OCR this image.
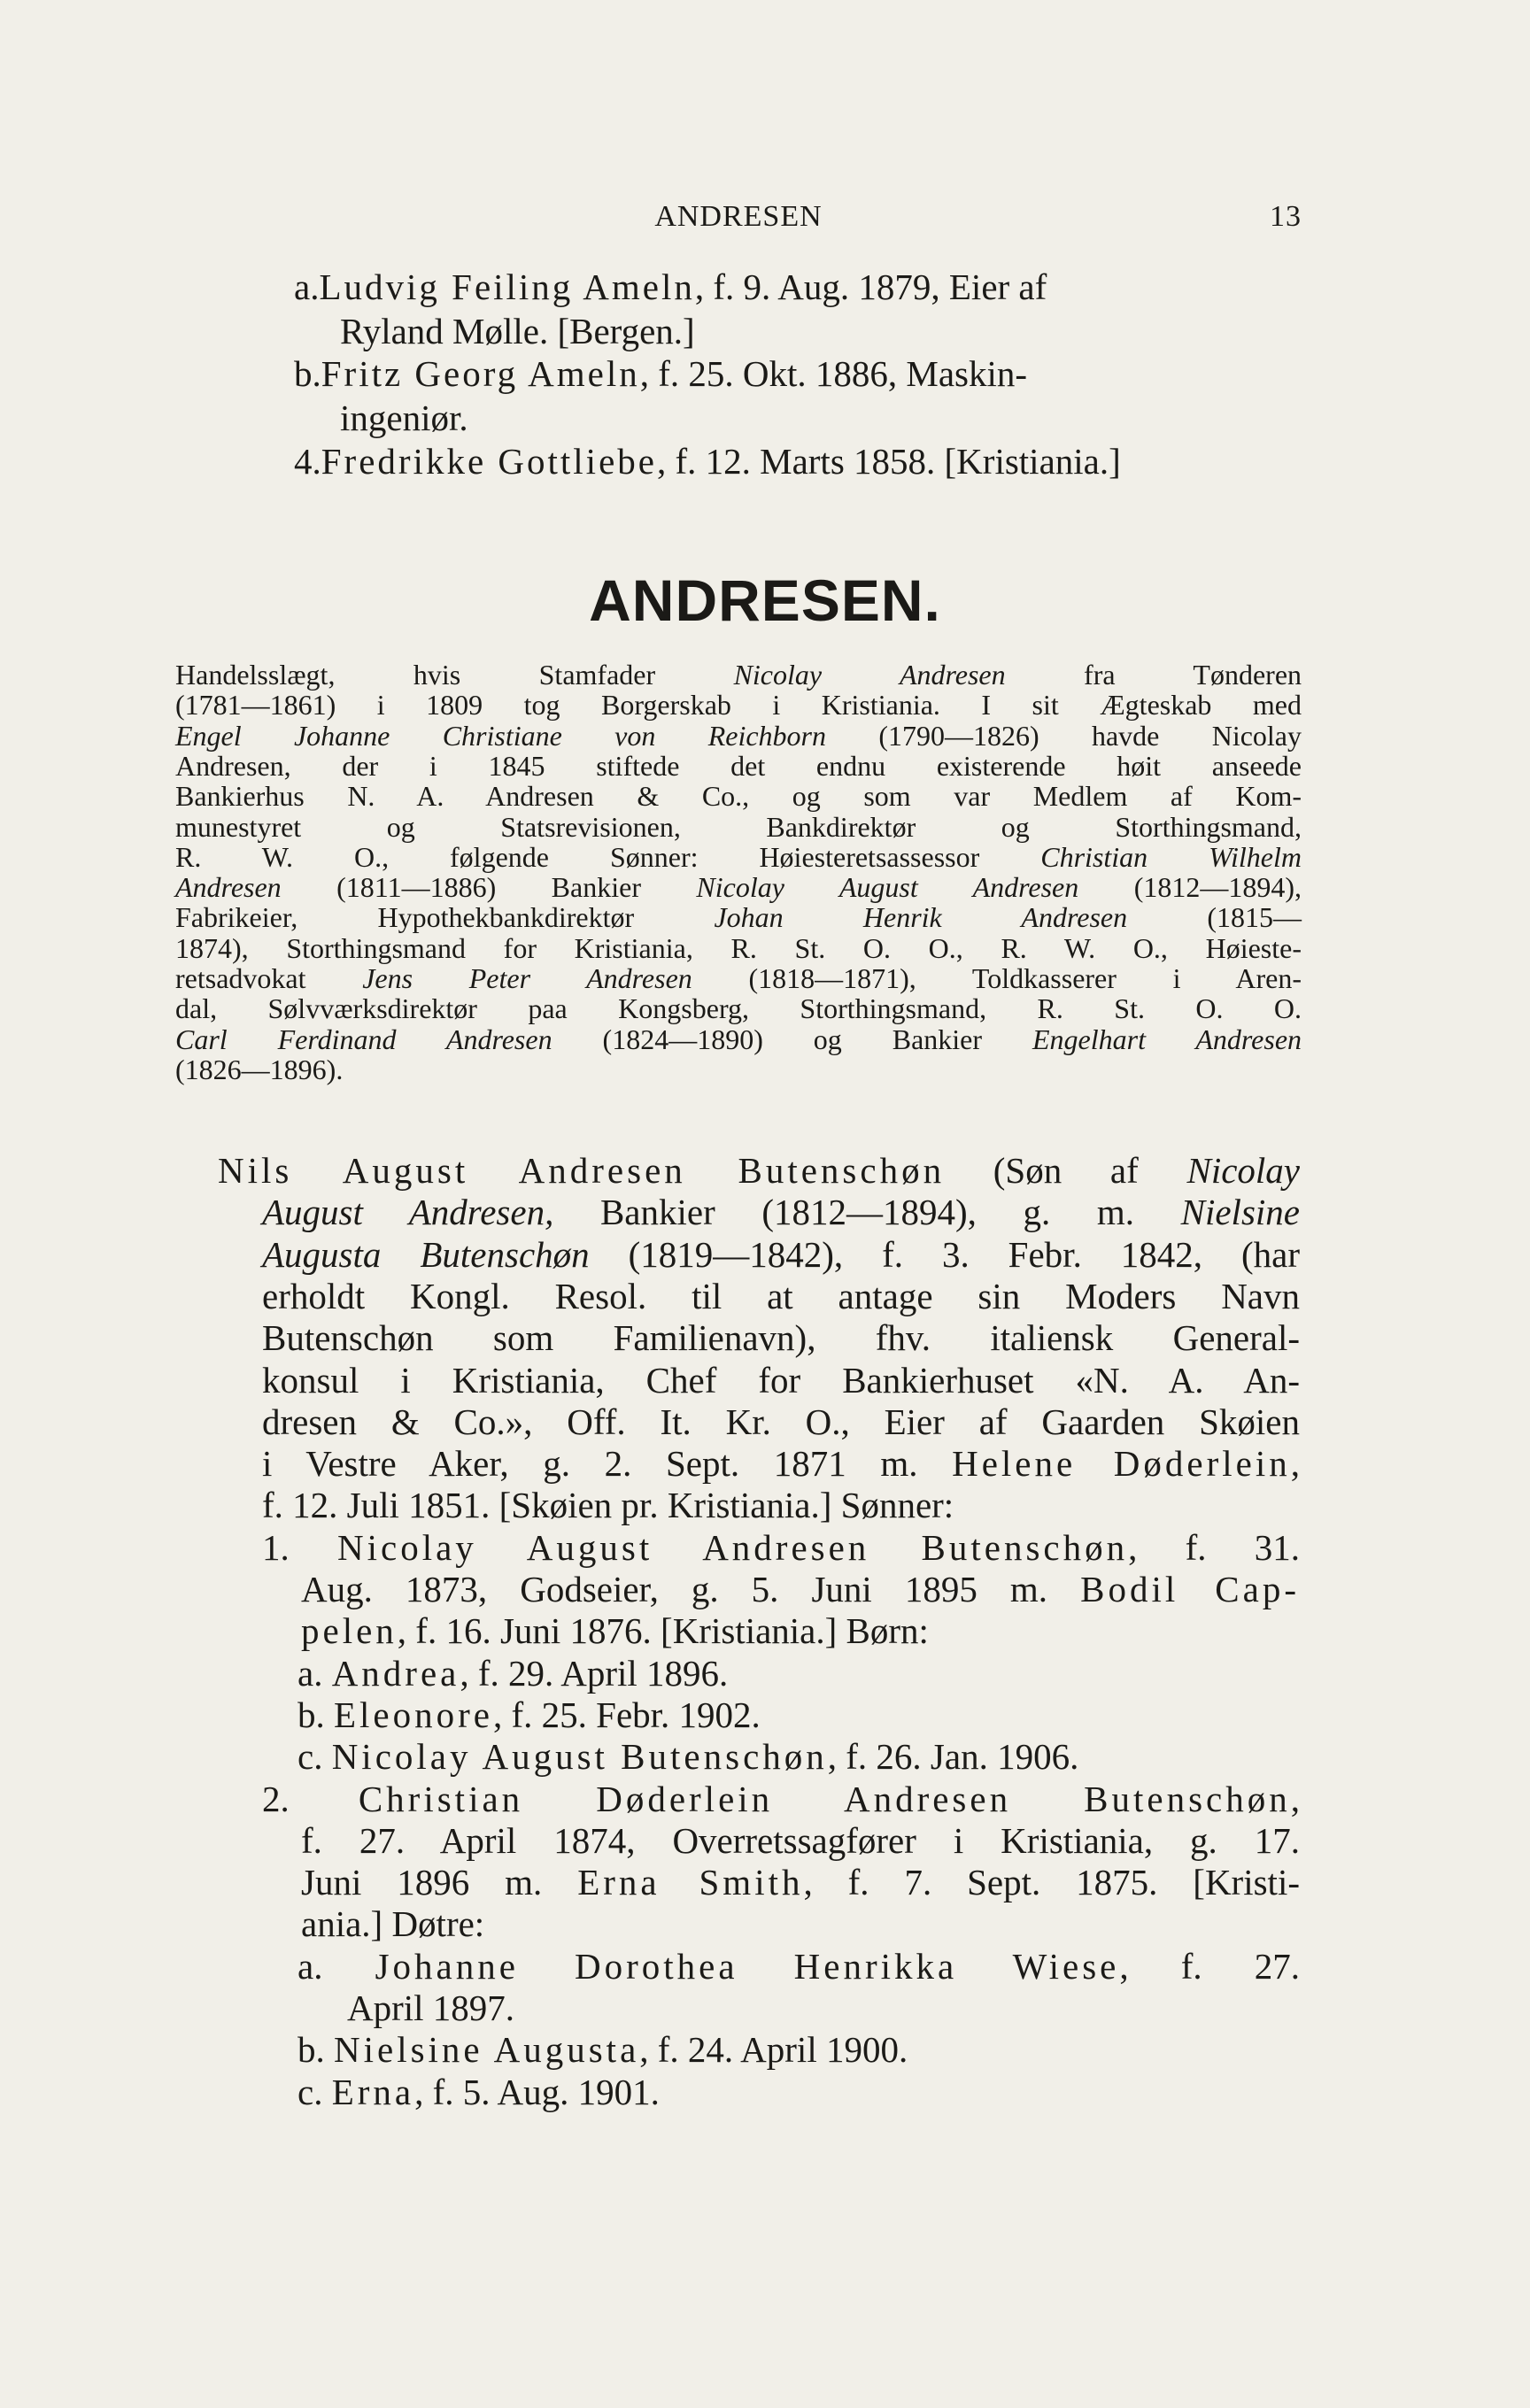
ANDRESEN	13
a.Ludvig Feiling Ameln, f. 9. Aug. 1879, Eier af
Ryland Mølle. [Bergen.]
b.Fritz Georg Ameln, f. 25. Okt. 1886, Maskin-
ingeniør.
4.Fredrikke Gottliebe, f. 12. Marts 1858. [Kristiania.]
ANDRESEN.
Handelsslægt, hvis Stamfader Nicolay Andresen fra Tønderen
(1781—1861) i 1809 tog Borgerskab i Kristiania. I sit Ægteskab med
Engel Johanne Christiane von Reichborn (1790—1826) havde Nicolay
Andresen, der i 1845 stiftede det endnu existerende høit anseede
Bankierhus N. A. Andresen & Co., og som var Medlem af Kom-
munestyret og Statsrevisionen, Bankdirektør og Storthingsmand,
R. W. O., følgende Sønner: Høiesteretsassessor Christian Wilhelm
Andresen (1811—1886) Bankier Nicolay August Andresen (1812—1894),
Fabrikeier, Hypothekbankdirektør Johan Henrik Andresen (1815—
1874), Storthingsmand for Kristiania, R. St. O. O., R. W. O., Høieste-
retsadvokat Jens Peter Andresen (1818—1871), Toldkasserer i Aren-
dal, Sølvværksdirektør paa Kongsberg, Storthingsmand, R. St. O. O.
Carl Ferdinand Andresen (1824—1890) og Bankier Engelhart Andresen
(1826—1896).
Nils August Andresen Butenschøn (Søn af Nicolay
August Andresen, Bankier (1812—1894), g. m. Nielsine
Augusta Butenschøn (1819—1842), f. 3. Febr. 1842, (har
erholdt Kongl. Resol. til at antage sin Moders Navn
Butenschøn som Familienavn), fhv. italiensk General-
konsul i Kristiania, Chef for Bankierhuset «N. A. An-
dresen & Co.», Off. It. Kr. O., Eier af Gaarden Skøien
i Vestre Aker, g. 2. Sept. 1871 m. Helene Døderlein,
f. 12. Juli 1851. [Skøien pr. Kristiania.] Sønner:
1. Nicolay August Andresen Butenschøn, f. 31.
Aug. 1873, Godseier, g. 5. Juni 1895 m. Bodil Cap-
pelen, f. 16. Juni 1876. [Kristiania.] Børn:
a. Andrea, f. 29. April 1896.
b. Eleonore, f. 25. Febr. 1902.
c. Nicolay August Butenschøn, f. 26. Jan. 1906.
2. Christian Døderlein Andresen Butenschøn,
f. 27. April 1874, Overretssagfører i Kristiania, g. 17.
Juni 1896 m. Erna Smith, f. 7. Sept. 1875. [Kristi-
ania.] Døtre:
a. Johanne Dorothea Henrikka Wiese, f. 27.
April 1897.
b. Nielsine Augusta, f. 24. April 1900.
c. Erna, f. 5. Aug. 1901.
